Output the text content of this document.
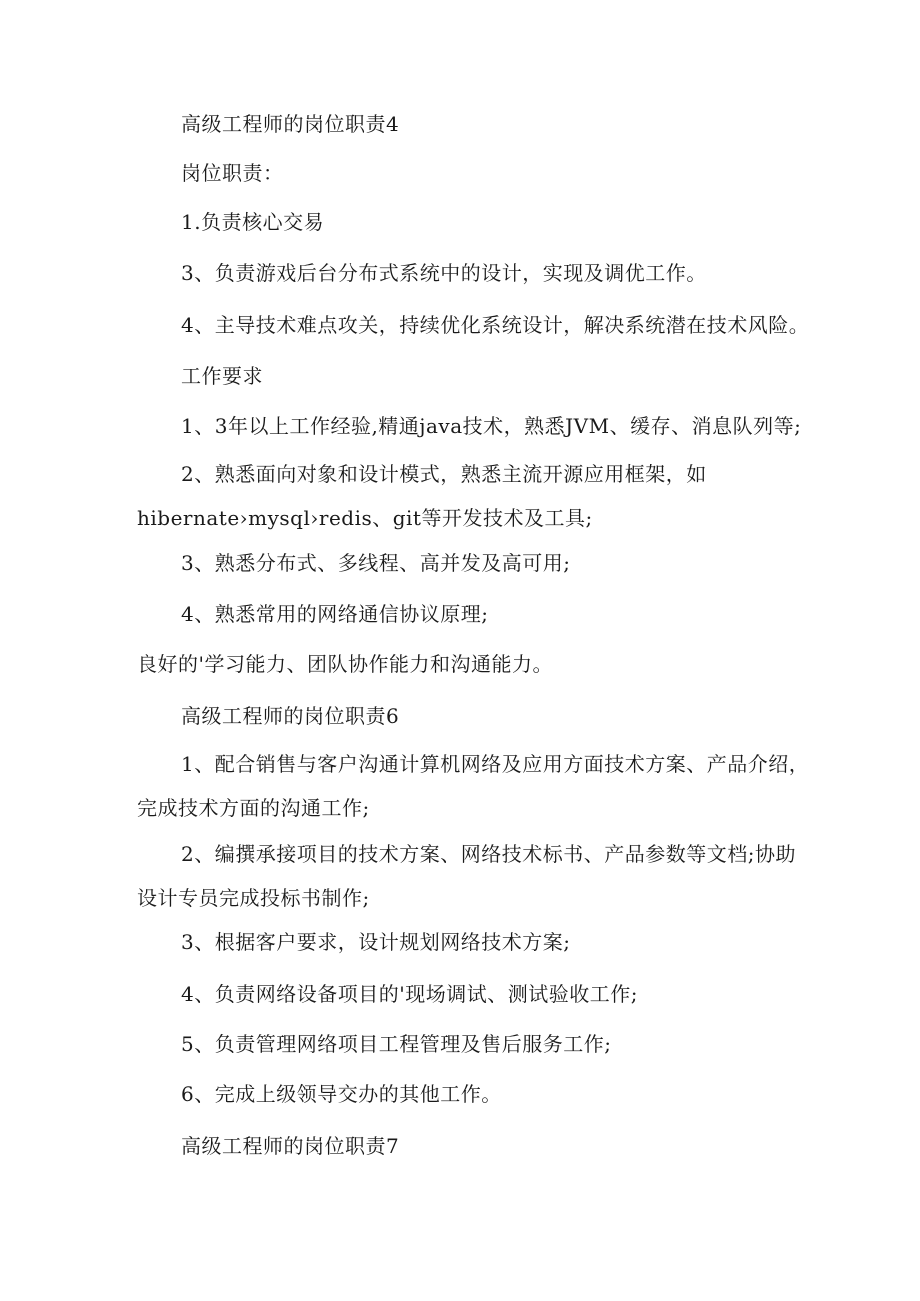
高级工程师的岗位职责4

岗位职责：

1.负责核心交易

3、负责游戏后台分布式系统中的设计，实现及调优工作。

4、主导技术难点攻关，持续优化系统设计，解决系统潜在技术风险。

工作要求

1、3年以上工作经验,精通java技术，熟悉JVM、缓存、消息队列等;

2、熟悉面向对象和设计模式，熟悉主流开源应用框架，如
hibernate›mysql›redis、git等开发技术及工具;

3、熟悉分布式、多线程、高并发及高可用;

4、熟悉常用的网络通信协议原理;

良好的'学习能力、团队协作能力和沟通能力。

高级工程师的岗位职责6

1、配合销售与客户沟通计算机网络及应用方面技术方案、产品介绍，
完成技术方面的沟通工作;
2、编撰承接项目的技术方案、网络技术标书、产品参数等文档;协助
设计专员完成投标书制作;

3、根据客户要求，设计规划网络技术方案;

4、负责网络设备项目的'现场调试、测试验收工作;

5、负责管理网络项目工程管理及售后服务工作;

6、完成上级领导交办的其他工作。

高级工程师的岗位职责7
